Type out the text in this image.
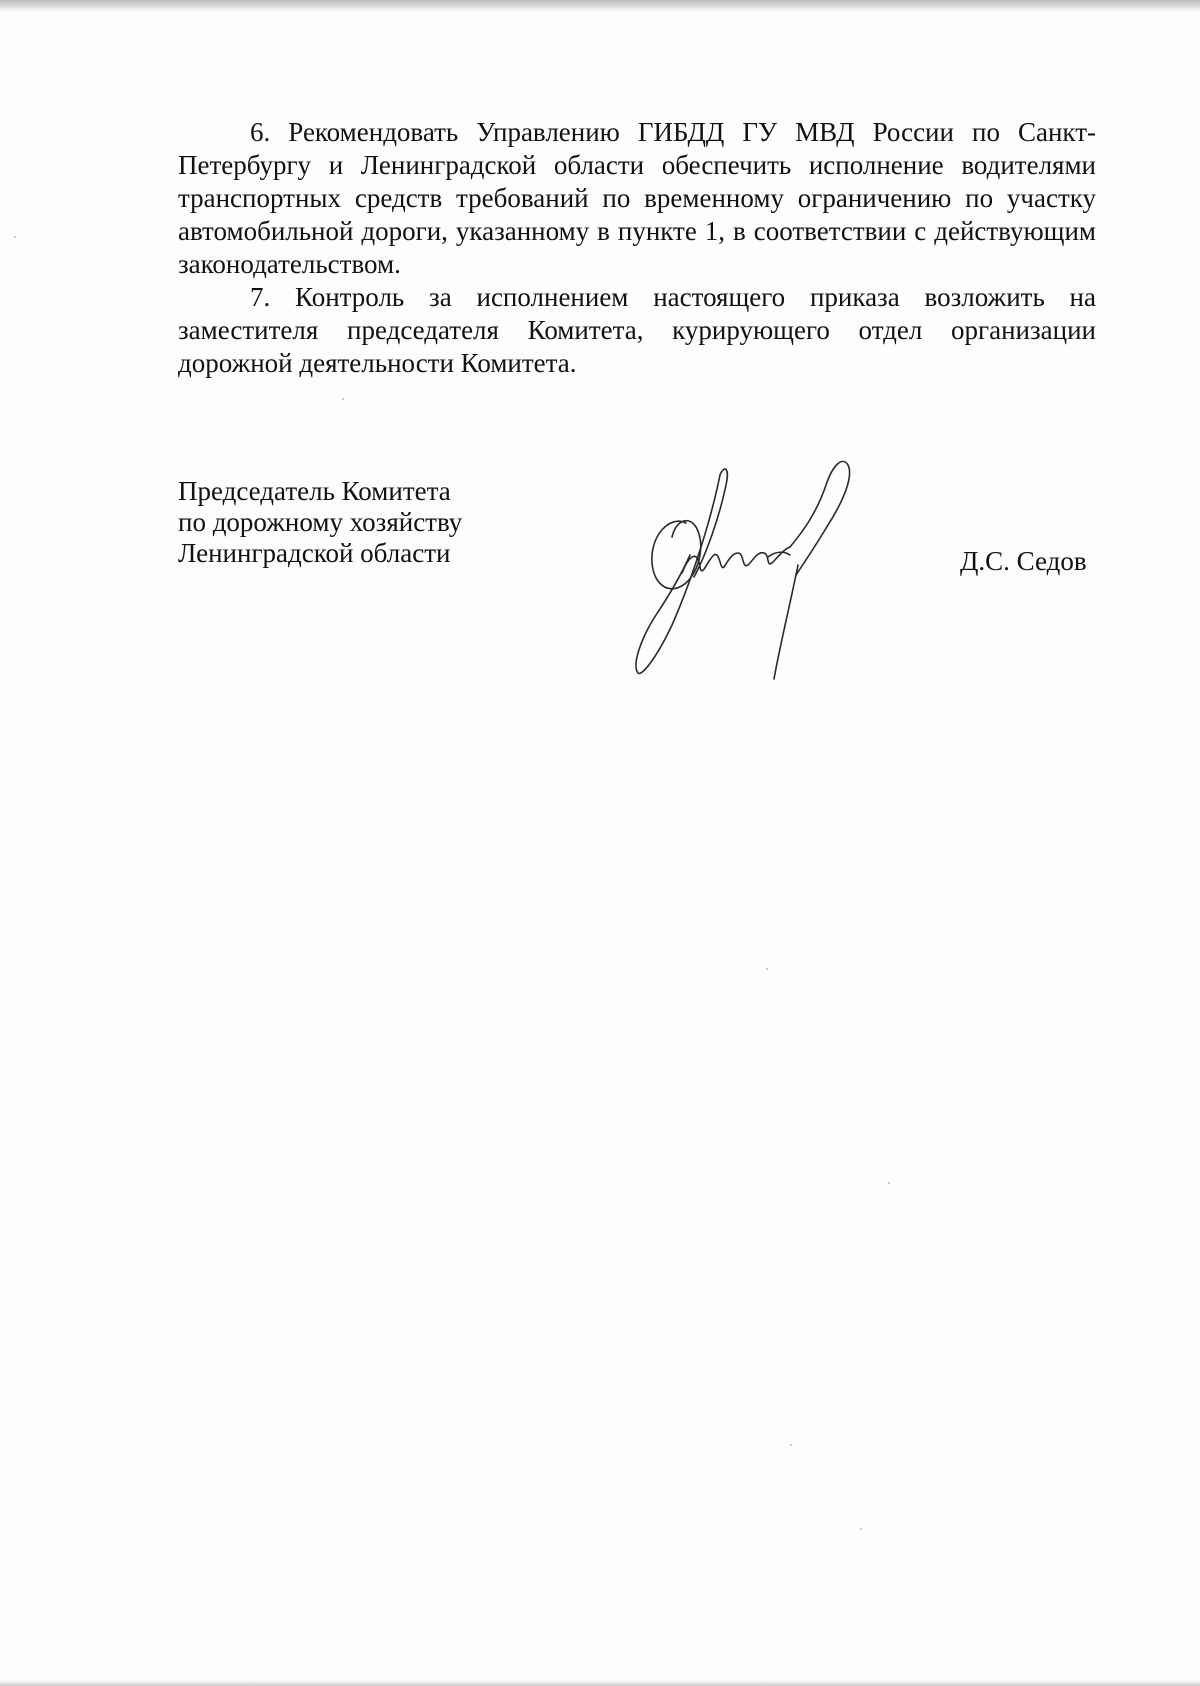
6. Рекомендовать Управлению ГИБДД ГУ МВД России по Санкт-Петербургу и Ленинградской области обеспечить исполнение водителями транспортных средств требований по временному ограничению по участку автомобильной дороги, указанному в пункте 1, в соответствии с действующим законодательством.

7. Контроль за исполнением настоящего приказа возложить на заместителя председателя Комитета, курирующего отдел организации дорожной деятельности Комитета.

Председатель Комитета
по дорожному хозяйству
Ленинградской области	Д.С. Седов
